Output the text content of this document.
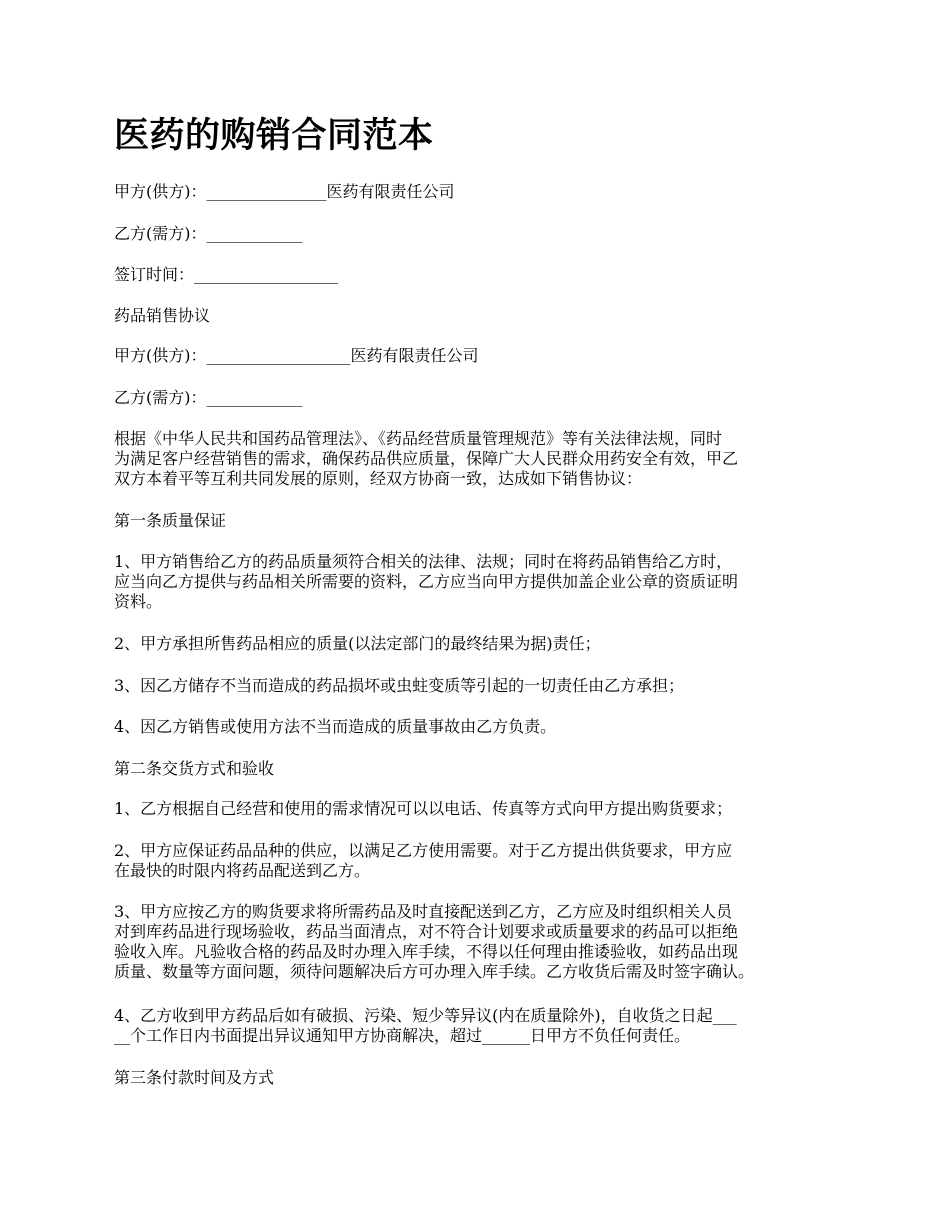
医药的购销合同范本
甲方(供方)：_______________医药有限责任公司
乙方(需方)：____________
签订时间：__________________
药品销售协议
甲方(供方)：__________________医药有限责任公司
乙方(需方)：____________
根据《中华人民共和国药品管理法》、《药品经营质量管理规范》等有关法律法规，同时
为满足客户经营销售的需求，确保药品供应质量，保障广大人民群众用药安全有效，甲乙
双方本着平等互利共同发展的原则，经双方协商一致，达成如下销售协议：
第一条质量保证
1、甲方销售给乙方的药品质量须符合相关的法律、法规；同时在将药品销售给乙方时，
应当向乙方提供与药品相关所需要的资料，乙方应当向甲方提供加盖企业公章的资质证明
资料。
2、甲方承担所售药品相应的质量(以法定部门的最终结果为据)责任；
3、因乙方储存不当而造成的药品损坏或虫蛀变质等引起的一切责任由乙方承担；
4、因乙方销售或使用方法不当而造成的质量事故由乙方负责。
第二条交货方式和验收
1、乙方根据自己经营和使用的需求情况可以以电话、传真等方式向甲方提出购货要求；
2、甲方应保证药品品种的供应，以满足乙方使用需要。对于乙方提出供货要求，甲方应
在最快的时限内将药品配送到乙方。
3、甲方应按乙方的购货要求将所需药品及时直接配送到乙方，乙方应及时组织相关人员
对到库药品进行现场验收，药品当面清点，对不符合计划要求或质量要求的药品可以拒绝
验收入库。凡验收合格的药品及时办理入库手续，不得以任何理由推诿验收，如药品出现
质量、数量等方面问题，须待问题解决后方可办理入库手续。乙方收货后需及时签字确认。
4、乙方收到甲方药品后如有破损、污染、短少等异议(内在质量除外)，自收货之日起___
__个工作日内书面提出异议通知甲方协商解决，超过______日甲方不负任何责任。
第三条付款时间及方式
